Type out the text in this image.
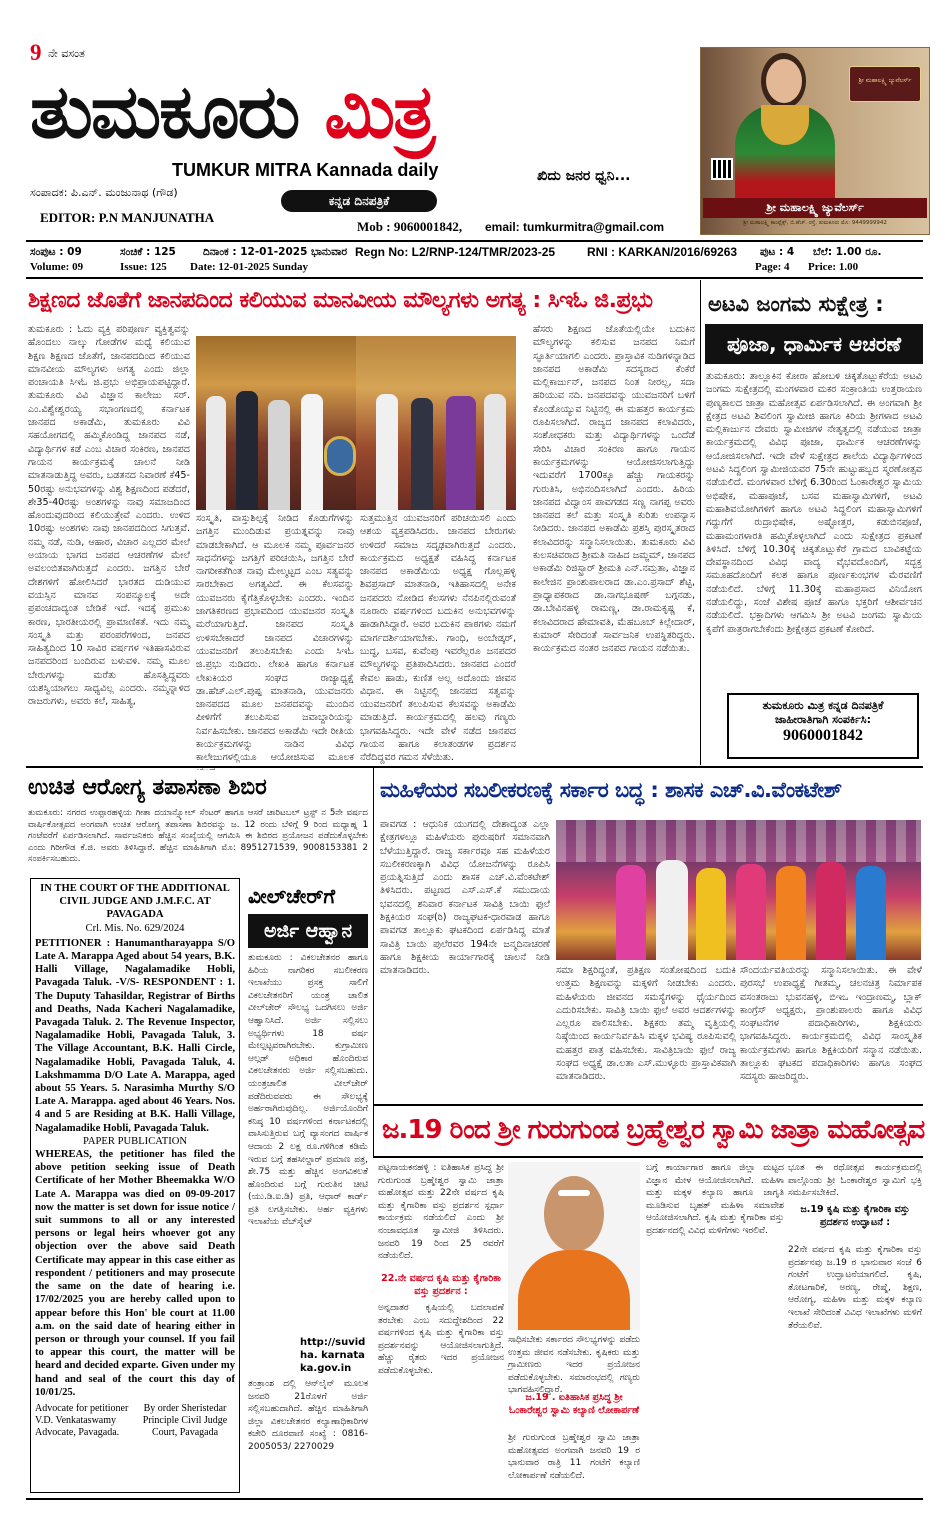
9 ನೇ ವಸಂತ
ತುಮಕೂರು ಮಿತ್ರ
TUMKUR MITRA Kannada daily	ಖಿದು ಜನರ ಧ್ವನಿ...
ಸಂಪಾದಕ: ಪಿ.ಎನ್. ಮಂಜುನಾಥ (ಗೌಡ)
ಕನ್ನಡ ದಿನಪತ್ರಿಕೆ
EDITOR: P.N MANJUNATHA
Mob : 9060001842, email: tumkurmitra@gmail.com
ಶ್ರೀ ಮಹಾಲಕ್ಷ್ಮಿ ಜ್ಯುವೆಲರ್ಸ್
ಶ್ರೀ ಮಹಾಲಕ್ಷ್ಮಿ ಜ್ಯುವೆಲರ್ಸ್
ಶ್ರೀ ಮಹಾಲಕ್ಷ್ಮಿ ಕಾಂಪ್ಲೆಕ್ಸ್, ಬಿ.ಹೆಚ್. ರಸ್ತೆ, ತುಮಕೂರು ಮೊ: 9449999942
ಸಂಪುಟ : 09	ಸಂಚಿಕೆ : 125	ದಿನಾಂಕ : 12-01-2025 ಭಾನುವಾರ Regn No: L2/RNP-124/TMR/2023-25	RNI : KARKAN/2016/69263 ಪುಟ : 4 ಬೆಲೆ: 1.00 ರೂ.
Volume: 09	Issue: 125 Date: 12-01-2025 Sunday	Page: 4 Price: 1.00
ಶಿಕ್ಷಣದ ಜೊತೆಗೆ ಜಾನಪದಿಂದ ಕಲಿಯುವ ಮಾನವೀಯ ಮೌಲ್ಯಗಳು ಅಗತ್ಯ : ಸಿಇಓ ಜಿ.ಪ್ರಭು
ತುಮಕೂರು : ಓದು ವ್ಯಕ್ತಿ ಪರಿಪೂರ್ಣ ವ್ಯಕ್ತಿತ್ವವನ್ನು ಹೊಂದಲು ನಾಲ್ಕು ಗೋಡೆಗಳ ಮಧ್ಯೆ ಕಲಿಯುವ ಶಿಕ್ಷಣ ಶಿಕ್ಷಣದ ಜೊತೆಗೆ, ಜಾನಪದದಿಂದ ಕಲಿಯುವ ಮಾನವೀಯ ಮೌಲ್ಯಗಳು ಅಗತ್ಯ ಎಂದು ಜಿಲ್ಲಾ ಪಂಚಾಯತಿ ಸಿಇಓ ಜಿ.ಪ್ರಭು ಅಭಿಪ್ರಾಯಪಟ್ಟಿದ್ದಾರೆ. ತುಮಕೂರು ವಿವಿ ವಿಜ್ಞಾನ ಕಾಲೇಜು ಸರ್. ಎಂ.ವಿಶ್ವೇಶ್ವರಯ್ಯ ಸಭಾಂಗಣದಲ್ಲಿ ಕರ್ನಾಟಕ ಜಾನಪದ ಅಕಾಡೆಮಿ, ತುಮಕೂರು ವಿವಿ ಸಹಯೋಗದಲ್ಲಿ ಹಮ್ಮಿಕೊಂಡಿದ್ದ ಜಾನಪದ ನಡೆ, ವಿದ್ಯಾರ್ಥಿಗಳ ಕಡೆ ಎಂಬ ವಿಚಾರ ಸಂಕಿರಣ, ಜಾನಪದ ಗಾಯನ ಕಾರ್ಯಕ್ರಮಕ್ಕೆ ಚಾಲನೆ ನೀಡಿ ಮಾತನಾಡುತ್ತಿದ್ದ ಅವರು, ಬಡತನದ ನಿವಾರಣೆ ಕೆ45-50ರಷ್ಟು ಅನುಭವಗಳನ್ನು ವಿಶ್ವ ಶಿಕ್ಷಣದಿಂದ ಪಡೆದರೆ, ಶೇ35-40ರಷ್ಟು ಅಂಶಗಳನ್ನು ನಾವು ಸಮಾಜದಿಂದ ಹೊಂದುವುದರಿಂದ ಕಲಿಯುತ್ತೇವೆ ಎಂದರು. ಉಳಿದ 10ರಷ್ಟು ಅಂಶಗಳು ನಾವು ಜಾನಪದದಿಂದ ಸಿಗುತ್ತವೆ. ನಮ್ಮ ನಡೆ, ನುಡಿ, ಆಹಾರ, ವಿಚಾರ ಎಲ್ಲದರ ಮೇಲೆ ಅಯಾಯ ಭಾಗದ ಜನಪದ ಆಚರಣೆಗಳ ಮೇಲೆ ಅವಲಂಬಿತವಾಗಿರುತ್ತದೆ ಎಂದರು. ಜಗತ್ತಿನ ಬೇರೆ ದೇಶಗಳಿಗೆ ಹೋಲಿಸಿದರೆ ಭಾರತದ ದುಡಿಯುವ ವಯಸ್ಸಿನ ಮಾನವ ಸಂಪನ್ಮೂಲಕ್ಕೆ ಅದೇ ಪ್ರಪಂಚದಾದ್ಯಂತ ಬೇಡಿಕೆ ಇದೆ. ಇದಕ್ಕೆ ಪ್ರಮುಖ ಕಾರಣ, ಭಾರತೀಯರಲ್ಲಿ ಪ್ರಾಮಾಣಿಕತೆ. ಇದು ನಮ್ಮ ಸಂಸ್ಕೃತಿ ಮತ್ತು ಪರಂಪರೆಗಳಿಂದ, ಜನಪದ ಸಾಹಿತ್ಯದಿಂದ 10 ಸಾವಿರ ವರ್ಷಗಳ ಇತಿಹಾಸವಿರುವ ಜನಪದರಿಂದ ಬಂದಿರುವ ಬಳುವಳಿ. ನಮ್ಮ ಮೂಲ ಬೇರುಗಳನ್ನು ಮರೆತು ಹೊಸತ್ವಿದ್ದವರು ಯಶಸ್ವಿಯಾಗಲು ಸಾಧ್ಯವಿಲ್ಲ ಎಂದರು. ನಮ್ಮನ್ನಾಳಿದ ರಾಜರುಗಳು, ಅವರು ಕಲೆ, ಸಾಹಿತ್ಯ,
ಸಂಸ್ಕೃತಿ, ವಾಸ್ತುಶಿಲ್ಪಕ್ಕೆ ನೀಡಿದ ಕೊಡುಗೆಗಳನ್ನು ಜಗತ್ತಿನ ಮುಂದಿಡುವ ಪ್ರಯತ್ನವನ್ನು ನಾವು ಮಾಡಬೇಕಾಗಿದೆ. ಆ ಮೂಲಕ ನಮ್ಮ ಪೂರ್ವಜನರ ಸಾಧನೆಗಳನ್ನು ಜಗತ್ತಿಗೆ ಪರಿಚಯಿಸಿ, ಜಗತ್ತಿನ ಬೇರೆ ನಾಗರೀಕತೆಗಿಂತ ನಾವು ಮೇಲ್ಮಟ್ಟದ ಎಂಬ ಸತ್ಯವನ್ನು ಸಾರಬೇಕಾದ ಅಗತ್ಯವಿದೆ. ಈ ಕೆಲಸವನ್ನು ಯುವಜನರು ಕೈಗೆತ್ತಿಕೊಳ್ಳಬೇಕು ಎಂದರು. ಇಂದಿನ ಜಾಗತಿಕರಣದ ಪ್ರಭಾವದಿಂದ ಯುವಜನರ ಸಂಸ್ಕೃತಿ ಮರೆಯಾಗುತ್ತಿದೆ. ಜಾನಪದ ಸಂಸ್ಕೃತಿ ಉಳಿಸಬೇಕಾದರೆ ಜಾನಪದ ವಿಚಾರಗಳನ್ನು ಯುವಜನರಿಗೆ ತಲುಪಿಸಬೇಕು ಎಂದು ಸಿಇಓ ಜಿ.ಪ್ರಭು ನುಡಿದರು. ಲೇಖಕಿ ಹಾಗೂ ಕರ್ನಾಟಕ ಲೇಖಕಿಯರ ಸಂಘದ ರಾಜ್ಯಾಧ್ಯಕ್ಷೆ ಡಾ.ಹೆಚ್.ಎಲ್.ಪುಷ್ಪ ಮಾತನಾಡಿ, ಯುವಜನರು ಜಾನಪದದ ಮೂಲ ಜನಪದವನ್ನು ಮುಂದಿನ ಪೀಳಿಗೆಗೆ ತಲುಪಿಸುವ ಜವಾಬ್ದಾರಿಯನ್ನು ನಿರ್ವಹಿಸಬೇಕು. ಜಾನಪದ ಅಕಾಡೆಮಿ ಇದೇ ರೀತಿಯ ಕಾರ್ಯಕ್ರಮಗಳನ್ನು ನಾಡಿನ ವಿವಿಧ ಕಾಲೇಜುಗಳಲ್ಲಿಯೂ ಆಯೋಜಿಸುವ ಮೂಲಕ
ಸುತ್ತಮುತ್ತಿನ ಯುವಜನರಿಗೆ ಪರಿಚಯಿಸಲಿ ಎಂದು ಆಶಯ ವ್ಯಕ್ತಪಡಿಸಿದರು. ಜಾನಪದ ಬೇರುಗಳು ಉಳಿದರೆ ಸಮಾಜ ಸದೃಢವಾಗಿರುತ್ತದೆ ಎಂದರು. ಕಾರ್ಯಕ್ರಮದ ಅಧ್ಯಕ್ಷತೆ ವಹಿಸಿದ್ದ ಕರ್ನಾಟಕ ಜಾನಪದ ಅಕಾಡೆಮಿಯ ಅಧ್ಯಕ್ಷ ಗೊಲ್ಲಹಳ್ಳಿ ಶಿವಪ್ರಸಾದ್ ಮಾತನಾಡಿ, ಇತಿಹಾಸದಲ್ಲಿ ಅನೇಕ ಜನಪದರು ನೋಡಿದ ಕೆಲಸಗಳು ನೆನಪಿನಲ್ಲಿರುವಂತೆ ನೂರಾರು ವರ್ಷಗಳಿಂದ ಬದುಕಿನ ಅನುಭವಗಳನ್ನು ಹಾಡಾಗಿಸಿದ್ದಾರೆ. ಅವರ ಬದುಕಿನ ಪಾಠಗಳು ನಮಗೆ ಮಾರ್ಗದರ್ಶಿಯಾಗಬೇಕು. ಗಾಂಧಿ, ಅಂಬೇಡ್ಕರ್, ಬುದ್ಧ, ಬಸವ, ಕುವೆಂಪು ಇವರೆಲ್ಲರೂ ಜನಪದರ ಮೌಲ್ಯಗಳನ್ನು ಪ್ರತಿಪಾದಿಸಿದರು. ಜಾನಪದ ಎಂದರೆ ಕೇವಲ ಹಾಡು, ಕುಣಿತ ಅಲ್ಲ ಅದೊಂದು ಜೀವನ ವಿಧಾನ. ಈ ನಿಟ್ಟಿನಲ್ಲಿ ಜಾನಪದ ಸತ್ವವನ್ನು ಯುವಜನರಿಗೆ ತಲುಪಿಸುವ ಕೆಲಸವನ್ನು ಅಕಾಡೆಮಿ ಮಾಡುತ್ತಿದೆ. ಕಾರ್ಯಕ್ರಮದಲ್ಲಿ ಹಲವು ಗಣ್ಯರು ಭಾಗವಹಿಸಿದ್ದರು. ಇದೇ ವೇಳೆ ನಡೆದ ಜಾನಪದ ಗಾಯನ ಹಾಗೂ ಕಲಾತಂಡಗಳ ಪ್ರದರ್ಶನ ನೆರೆದಿದ್ದವರ ಗಮನ ಸೆಳೆಯಿತು.
ಹೆಸರು ಶಿಕ್ಷಣದ ಜೊತೆಯಲ್ಲಿಯೇ ಬದುಕಿನ ಮೌಲ್ಯಗಳನ್ನು ಕಲಿಸುವ ಜನಪದ ನಿಮಗೆ ಸ್ಫೂರ್ತಿಯಾಗಲಿ ಎಂದರು. ಪ್ರಾಸ್ತಾವಿಕ ನುಡಿಗಳನ್ನಾಡಿದ ಜಾನಪದ ಅಕಾಡೆಮಿ ಸದಸ್ಯರಾದ ಕೆಂಕೆರೆ ಮಲ್ಲಿಕಾರ್ಜುನ್, ಜನಪದ ನಿಂತ ನೀರಲ್ಲ, ಸದಾ ಹರಿಯುವ ನದಿ. ಜನಪದವನ್ನು ಯುವಜನರಿಗೆ ಬಳಿಗೆ ಕೊಂಡೊಯ್ಯುವ ನಿಟ್ಟಿನಲ್ಲಿ ಈ ಮಹತ್ತರ ಕಾರ್ಯಕ್ರಮ ರೂಪಿಸಲಾಗಿದೆ. ರಾಜ್ಯದ ಜಾನಪದ ಕಲಾವಿದರು, ಸಂಶೋಧಕರು ಮತ್ತು ವಿದ್ಯಾರ್ಥಿಗಳನ್ನು ಒಂದೆಡೆ ಸೇರಿಸಿ ವಿಚಾರ ಸಂಕಿರಣ ಹಾಗೂ ಗಾಯನ ಕಾರ್ಯಕ್ರಮಗಳನ್ನು ಆಯೋಜಿಸಲಾಗುತ್ತಿದ್ದು ಇದುವರೆಗೆ 1700ಕ್ಕೂ ಹೆಚ್ಚು ಗಾಯಕರನ್ನು ಗುರುತಿಸಿ, ಅಭಿನಂದಿಸಲಾಗಿದೆ ಎಂದರು. ಹಿರಿಯ ಜಾನಪದ ವಿದ್ವಾಂಸ ಪಾವಗಡದ ಸಣ್ಣ ನಾಗಪ್ಪ ಅವರು ಜಾನಪದ ಕಲೆ ಮತ್ತು ಸಂಸ್ಕೃತಿ ಕುರಿತು ಉಪನ್ಯಾಸ ನೀಡಿದರು. ಜಾನಪದ ಅಕಾಡೆಮಿ ಪ್ರಶಸ್ತಿ ಪುರಸ್ಕೃತರಾದ ಕಲಾವಿದರನ್ನು ಸನ್ಮಾನಿಸಲಾಯಿತು. ತುಮಕೂರು ವಿವಿ ಕುಲಸಚಿವರಾದ ಶ್ರೀಮತಿ ನಾಹಿದ ಜಮ್ಜಮ್, ಜಾನಪದ ಅಕಾಡೆಮಿ ರಿಜಿಸ್ಟ್ರಾರ್ ಶ್ರೀಮತಿ ಎನ್.ನಮ್ರತಾ, ವಿಜ್ಞಾನ ಕಾಲೇಜಿನ ಪ್ರಾಂಶುಪಾಲರಾದ ಡಾ.ಎಂ.ಪ್ರಸಾದ್ ಶೆಟ್ಟಿ, ಪ್ರಾಧ್ಯಾಪಕರಾದ ಡಾ.ನಾಗಭೂಷಣ್ ಬಗ್ಗನಡು, ಡಾ.ಬೇವಿನಹಳ್ಳಿ ರಾಮಣ್ಣ, ಡಾ.ರಾಮಕೃಷ್ಣ ಕೆ, ಕಲಾವಿದರಾದ ಹೇಮಾವತಿ, ಮೆಹಬೂಬ್ ಕಿಲ್ಲೇದಾರ್, ಕುಮಾರ್ ಸೇರಿದಂತೆ ಸಾರ್ವಜನಿಕ ಉಪಸ್ಥಿತರಿದ್ದರು. ಕಾರ್ಯಕ್ರಮದ ನಂತರ ಜನಪದ ಗಾಯನ ನಡೆಯಿತು.
ಅಟವಿ ಜಂಗಮ ಸುಕ್ಷೇತ್ರ :
ಪೂಜಾ, ಧಾರ್ಮಿಕ ಆಚರಣೆ
ತುಮಕೂರು: ತಾಲ್ಲೂಕಿನ ಕೋರಾ ಹೋಬಳಿ ಚಿಕ್ಕತೊಟ್ಲುಕೆರೆಯ ಅಟವಿ ಜಂಗಮ ಸುಕ್ಷೇತ್ರದಲ್ಲಿ ಮಂಗಳವಾರ ಮಕರ ಸಂಕ್ರಾಂತಿಯ ಉತ್ತರಾಯಣ ಪುಣ್ಯಕಾಲದ ಜಾತ್ರಾ ಮಹೋತ್ಸವ ಏರ್ಪಡಿಸಲಾಗಿದೆ. ಈ ಅಂಗವಾಗಿ ಶ್ರೀ ಕ್ಷೇತ್ರದ ಅಟವಿ ಶಿವಲಿಂಗ ಸ್ವಾಮೀಜಿ ಹಾಗೂ ಕಿರಿಯ ಶ್ರೀಗಳಾದ ಅಟವಿ ಮಲ್ಲಿಕಾರ್ಜುನ ದೇವರು ಸ್ವಾಮೀಜಿಗಳ ನೇತೃತ್ವದಲ್ಲಿ ನಡೆಯುವ ಜಾತ್ರಾ ಕಾರ್ಯಕ್ರಮದಲ್ಲಿ ವಿವಿಧ ಪೂಜಾ, ಧಾರ್ಮಿಕ ಆಚರಣೆಗಳನ್ನು ಆಯೋಜಿಸಲಾಗಿದೆ. ಇದೇ ವೇಳೆ ಸುಕ್ಷೇತ್ರದ ಶಾಲೆಯ ವಿದ್ಯಾರ್ಥಿಗಳಿಂದ ಅಟವಿ ಸಿದ್ದಲಿಂಗ ಸ್ವಾಮೀಜಿಯವರ 75ನೇ ಹುಟ್ಟುಹಬ್ಬದ ಸ್ಮರಣೋತ್ಸವ ನಡೆಯಲಿದೆ. ಮಂಗಳವಾರ ಬೆಳಿಗ್ಗೆ 6.30ರಿಂದ ಓಂಕಾರೇಶ್ವರ ಸ್ವಾಮಿಯ ಅಭಿಷೇಕ, ಮಹಾಪೂಜೆ, ಬಸವ ಮಹಾಸ್ವಾಮಿಗಳಿಗೆ, ಅಟವಿ ಮಹಾಶಿವಯೋಗಿಗಳಿಗೆ ಹಾಗೂ ಅಟವಿ ಸಿದ್ದಲಿಂಗ ಮಹಾಸ್ವಾಮಿಗಳಿಗೆ ಗದ್ದುಗೆಗೆ ರುದ್ರಾಭಿಷೇಕ, ಅಷ್ಟೋತ್ತರ, ಕಡುಬಿನಪೂಜೆ, ಮಹಾಮಂಗಳಾರತಿ ಹಮ್ಮಿಕೊಳ್ಳಲಾಗಿದೆ ಎಂದು ಸುಕ್ಷೇತ್ರದ ಪ್ರಕಟಣೆ ತಿಳಿಸಿದೆ. ಬೆಳಿಗ್ಗೆ 10.30ಕ್ಕೆ ಚಿಕ್ಕತೊಟ್ಲುಕೆರೆ ಗ್ರಾಮದ ಬಾವಿಕಟ್ಟೆಯ ದೇವಸ್ಥಾನದಿಂದ ವಿವಿಧ ವಾದ್ಯ ವೈಭವದೊಂದಿಗೆ, ಸದ್ಭಕ್ತ ಸಮೂಹದೊಂದಿಗೆ ಕಲಶ ಹಾಗೂ ಪೂರ್ಣಕುಂಭಗಳ ಮೆರವಣಿಗೆ ನಡೆಯಲಿದೆ. ಬೆಳಿಗ್ಗೆ 11.30ಕ್ಕೆ ಮಹಾಪ್ರಸಾದ ವಿನಿಯೋಗ ನಡೆಯಲಿದ್ದು, ಸಂಜೆ ವಿಶೇಷ ಪೂಜೆ ಹಾಗೂ ಭಕ್ತರಿಗೆ ಆಶೀರ್ವಚನ ನಡೆಯಲಿದೆ. ಭಕ್ತಾದಿಗಳು ಆಗಮಿಸಿ ಶ್ರೀ ಅಟವಿ ಜಂಗಮ ಸ್ವಾಮಿಯ ಕೃಪೆಗೆ ಪಾತ್ರರಾಗಬೇಕೆಂದು ಶ್ರೀಕ್ಷೇತ್ರದ ಪ್ರಕಟಣೆ ಕೋರಿದೆ.
ತುಮಕೂರು ಮಿತ್ರ ಕನ್ನಡ ದಿನಪತ್ರಿಕೆ
ಜಾಹೀರಾತಿಗಾಗಿ ಸಂಪರ್ಕಿಸಿ:
9060001842
ಉಚಿತ ಆರೋಗ್ಯ ತಪಾಸಣಾ ಶಿಬಿರ
ತುಮಕೂರು: ನಗರದ ಉಪ್ಪಾರಹಳ್ಳಿಯ ಗೀತಾ ದಯಾನ್ಸ್ಕೋಲ್ ಸೆಂಟರ್ ಹಾಗೂ ಆಸರೆ ಚಾರಿಟಬಲ್ ಟ್ರಸ್ಟ್ ನ 5ನೇ ವರ್ಷದ ವಾರ್ಷಿಕೋತ್ಸವದ ಅಂಗವಾಗಿ ಉಚಿತ ಆರೋಗ್ಯ ತಪಾಸಣಾ ಶಿಬಿರವನ್ನು ಜ. 12 ರಂದು ಬೆಳಿಗ್ಗೆ 9 ರಿಂದ ಮಧ್ಯಾಹ್ನ 1 ಗಂಟೆವರೆಗೆ ಏರ್ಪಡಿಸಲಾಗಿದೆ. ಸಾರ್ವಜನಿಕರು ಹೆಚ್ಚಿನ ಸಂಖ್ಯೆಯಲ್ಲಿ ಆಗಮಿಸಿ ಈ ಶಿಬಿರದ ಪ್ರಯೋಜನ ಪಡೆದುಕೊಳ್ಳಬೇಕು ಎಂದು ಗಿರೀಗೌಡ ಕೆ.ಜಿ. ಅವರು ತಿಳಿಸಿದ್ದಾರೆ. ಹೆಚ್ಚಿನ ಮಾಹಿತಿಗಾಗಿ ಮೊ: 8951271539, 9008153381 2 ಸಂಪರ್ಕಿಸಬಹುದು.
ಮಹಿಳೆಯರ ಸಬಲೀಕರಣಕ್ಕೆ ಸರ್ಕಾರ ಬದ್ಧ : ಶಾಸಕ ಎಚ್.ವಿ.ವೆಂಕಟೇಶ್
ಪಾವಗಡ : ಆಧುನಿಕ ಯುಗದಲ್ಲಿ ದೇಶಾದ್ಯಂತ ಎಲ್ಲಾ ಕ್ಷೇತ್ರಗಳಲ್ಲೂ ಮಹಿಳೆಯರು ಪುರುಷರಿಗೆ ಸಮಾನವಾಗಿ ಬೆಳೆಯುತ್ತಿದ್ದಾರೆ. ರಾಜ್ಯ ಸರ್ಕಾರವೂ ಸಹ ಮಹಿಳೆಯರ ಸಬಲೀಕರಣಕ್ಕಾಗಿ ವಿವಿಧ ಯೋಜನೆಗಳನ್ನು ರೂಪಿಸಿ ಪ್ರಯತ್ನಿಸುತ್ತಿದೆ ಎಂದು ಶಾಸಕ ಎಚ್.ವಿ.ವೆಂಕಟೇಶ್ ತಿಳಿಸಿದರು. ಪಟ್ಟಣದ ಎಸ್.ಎಸ್.ಕೆ ಸಮುದಾಯ ಭವನದಲ್ಲಿ ಶನಿವಾರ ಕರ್ನಾಟಕ ಸಾವಿತ್ರಿ ಬಾಯಿ ಫುಲೆ ಶಿಕ್ಷಕಿಯರ ಸಂಘ(ರಿ) ರಾಜ್ಯಘಟಕ-ಧಾರವಾಡ ಹಾಗೂ ಪಾವಗಡ ತಾಲ್ಲೂಕು ಘಟಕದಿಂದ ಏರ್ಪಡಿಸಿದ್ದ ಮಾತೆ ಸಾವಿತ್ರಿ ಬಾಯಿ ಪುಲೆರವರ 194ನೇ ಜನ್ಮದಿನಾಚರಣೆ ಹಾಗೂ ಶಿಕ್ಷಕೀಯ ಕಾರ್ಯಾಗಾರಕ್ಕೆ ಚಾಲನೆ ನೀಡಿ ಮಾತನಾಡಿದರು.	ಸಮಾ ಶಿಕ್ಷರಿದ್ದಂತೆ, ಪ್ರತಿಕ್ಷಣ ಸಂತೋಷದಿಂದ ಬದುಕಿ ಉತ್ತಮ ಶಿಕ್ಷಣವನ್ನು ಮಕ್ಕಳಿಗೆ ನೀಡಬೇಕು ಎಂದರು. ಮಹಿಳೆಯರು ಜೀವನದ ಸಮಸ್ಯೆಗಳನ್ನು ಧೈರ್ಯದಿಂದ ಎದುರಿಸಬೇಕು. ಸಾವಿತ್ರಿ ಬಾಯಿ ಫುಲೆ ಅವರ ಆದರ್ಶಗಳನ್ನು ಎಲ್ಲರೂ ಪಾಲಿಸಬೇಕು. ಶಿಕ್ಷಕರು ತಮ್ಮ ವೃತ್ತಿಯಲ್ಲಿ ನಿಷ್ಠೆಯಿಂದ ಕಾರ್ಯನಿರ್ವಹಿಸಿ ಮಕ್ಕಳ ಭವಿಷ್ಯ ರೂಪಿಸುವಲ್ಲಿ ಮಹತ್ತರ ಪಾತ್ರ ವಹಿಸಬೇಕು. ಸಾವಿತ್ರಿಬಾಯಿ ಫುಲೆ ರಾಜ್ಯ ಸಂಘದ ಅಧ್ಯಕ್ಷೆ ಡಾ.ಲತಾ ಎಸ್.ಮುಳ್ಳೂರು ಪ್ರಾಸ್ತಾವಿಕವಾಗಿ ಮಾತನಾಡಿದರು.
ಸೌಂದರ್ಯವತಿಯರನ್ನು ಸನ್ಮಾನಿಸಲಾಯಿತು. ಈ ವೇಳೆ ಪುರಸಭೆ ಉಪಾಧ್ಯಕ್ಷೆ ಗೀತಮ್ಮ, ಚಲನಚಿತ್ರ ನಿರ್ಮಾಪಕ ವಸಂತರಾಜು ಭುವನಹಳ್ಳಿ, ಬಿಇಒ ಇಂದ್ರಾಣಮ್ಮ, ಬ್ಲಾಕ್ ಕಾಂಗ್ರೆಸ್ ಅಧ್ಯಕ್ಷರು, ಪ್ರಾಂಶುಪಾಲರು ಹಾಗೂ ವಿವಿಧ ಸಂಘಟನೆಗಳ ಪದಾಧಿಕಾರಿಗಳು, ಶಿಕ್ಷಕಿಯರು ಭಾಗವಹಿಸಿದ್ದರು. ಕಾರ್ಯಕ್ರಮದಲ್ಲಿ ವಿವಿಧ ಸಾಂಸ್ಕೃತಿಕ ಕಾರ್ಯಕ್ರಮಗಳು ಹಾಗೂ ಶಿಕ್ಷಕಿಯರಿಗೆ ಸನ್ಮಾನ ನಡೆಯಿತು. ತಾಲ್ಲೂಕು ಘಟಕದ ಪದಾಧಿಕಾರಿಗಳು ಹಾಗೂ ಸಂಘದ ಸದಸ್ಯರು ಹಾಜರಿದ್ದರು.
IN THE COURT OF THE ADDITIONAL CIVIL JUDGE AND J.M.F.C. AT PAVAGADA
Crl. Mis. No. 629/2024
PETITIONER : Hanumantharayappa S/O Late A. Marappa Aged about 54 years, B.K. Halli Village, Nagalamadike Hobli, Pavagada Taluk. -V/S- RESPONDENT : 1. The Duputy Tahasildar, Registrar of Births and Deaths, Nada Kacheri Nagalamadike, Pavagada Taluk. 2. The Revenue Inspector, Nagalamadike Hobli, Pavagada Taluk, 3. The Village Accountant, B.K. Halli Circle, Nagalamadike Hobli, Pavagada Taluk, 4. Lakshmamma D/O Late A. Marappa, aged about 55 Years. 5. Narasimha Murthy S/O Late A. Marappa. aged about 46 Years. Nos. 4 and 5 are Residing at B.K. Halli Village, Nagalamadike Hobli, Pavagada Taluk.
PAPER PUBLICATION
WHEREAS, the petitioner has filed the above petition seeking issue of Death Certificate of her Mother Bheemakka W/O Late A. Marappa was died on 09-09-2017 now the matter is set down for issue notice / suit summons to all or any interested persons or legal heirs whoever got any objection over the above said Death Certificate may appear in this case either as respondent / petitioners and may prosecute the same on the date of hearing i.e. 17/02/2025 you are hereby called upon to appear before this Hon' ble court at 11.00 a.m. on the said date of hearing either in person or through your counsel. If you fail to appear this court, the matter will be heard and decided exparte. Given under my hand and seal of the court this day of 10/01/25.
Advocate for petitioner V.D. Venkataswamy Advocate, Pavagada.
By order Sheristedar Principle Civil Judge Court, Pavagada
ವೀಲ್‌ಚೇರ್‌ಗೆ
ಅರ್ಜಿ ಆಹ್ವಾನ
ತುಮಕೂರು : ವಿಕಲಚೇತನರ ಹಾಗೂ ಹಿರಿಯ ನಾಗರಿಕರ ಸಬಲೀಕರಣ ಇಲಾಖೆಯು ಪ್ರಸಕ್ತ ಸಾಲಿಗೆ ವಿಕಲಚೇತನರಿಗೆ ಯಂತ್ರ ಚಾಲಿತ ವೀಲ್‌ಚೇರ್ ಸೌಲಭ್ಯ ಒದಗಿಸಲು ಅರ್ಜಿ ಆಹ್ವಾನಿಸಿದೆ. ಅರ್ಜಿ ಸಲ್ಲಿಸಲು ಅಭ್ಯರ್ಥಿಗಳು 18 ವರ್ಷ ಮೇಲ್ಪಟ್ಟವರಾಗಿರಬೇಕು. ಕುಗ್ರಾಮೀಣ ಆಲ್ಗಡ್ ಅಧಿಕಾರ ಹೊಂದಿರುವ ವಿಕಲಚೇತನರು ಅರ್ಜಿ ಸಲ್ಲಿಸಬಹುದು. ಯಂತ್ರಚಾಲಿತ ವೀಲ್‌ಚೇರ್ ಪಡೆದಿರುವವರು ಈ ಸೌಲಭ್ಯಕ್ಕೆ ಅರ್ಹರಾಗಿರುವುದಿಲ್ಲ. ಅರ್ಜಿಯೊಂದಿಗೆ ಕನಿಷ್ಠ 10 ವರ್ಷಗಳಿಂದ ಕರ್ನಾಟಕದಲ್ಲಿ ವಾಸಿಸುತ್ತಿರುವ ಬಗ್ಗೆ ವ್ಯಾಸಂಗದ ವಾರ್ಷಿಕ ಆದಾಯ 2 ಲಕ್ಷ ರೂ.ಗಳಿಗಿಂತ ಕಡಿಮೆ ಇರುವ ಬಗ್ಗೆ ತಹಸೀಲ್ದಾರ್ ಪ್ರಮಾಣ ಪತ್ರ, ಶೇ.75 ಮತ್ತು ಹೆಚ್ಚಿನ ಅಂಗವಿಕಲತೆ ಹೊಂದಿರುವ ಬಗ್ಗೆ ಗುರುತಿನ ಚೀಟಿ (ಯು.ಡಿ.ಐ.ಡಿ) ಪ್ರತಿ, ಆಧಾರ್ ಕಾರ್ಡ್ ಪ್ರತಿ ಲಗತ್ತಿಸಬೇಕು. ಅರ್ಹ ವ್ಯಕ್ತಿಗಳು ಇಲಾಖೆಯ ವೆಬ್‌ಸೈಟ್
http://suvidha. karnataka.gov.in
ತಂತ್ರಾಂಶ ದಲ್ಲಿ ಆನ್‌ಲೈನ್ ಮೂಲಕ ಜನವರಿ 21ರೊಳಗೆ ಅರ್ಜಿ ಸಲ್ಲಿಸಬಹುದಾಗಿದೆ. ಹೆಚ್ಚಿನ ಮಾಹಿತಿಗಾಗಿ ಜಿಲ್ಲಾ ವಿಕಲಚೇತನರ ಕಲ್ಯಾಣಾಧಿಕಾರಿಗಳ ಕಚೇರಿ ದೂರವಾಣಿ ಸಂಖ್ಯೆ : 0816-2005053/ 2270029
ಜ.19 ರಿಂದ ಶ್ರೀ ಗುರುಗುಂಡ ಬ್ರಹ್ಮೇಶ್ವರ ಸ್ವಾಮಿ ಜಾತ್ರಾ ಮಹೋತ್ಸವ
ಪಟ್ಟನಾಯಕನಹಳ್ಳಿ : ಐತಿಹಾಸಿಕ ಪ್ರಸಿದ್ಧ ಶ್ರೀ ಗುರುಗುಂಡ ಬ್ರಹ್ಮೇಶ್ವರ ಸ್ವಾಮಿ ಜಾತ್ರಾ ಮಹೋತ್ಸವ ಮತ್ತು 22ನೇ ವರ್ಷದ ಕೃಷಿ ಮತ್ತು ಕೈಗಾರಿಕಾ ವಸ್ತು ಪ್ರದರ್ಶನ ಸ್ಪರ್ಧಾ ಕಾರ್ಯಕ್ರಮ ನಡೆಯಲಿದೆ ಎಂದು ಶ್ರೀ ನಂಜಾವಧೂತ ಸ್ವಾಮೀಜಿ ತಿಳಿಸಿದರು. ಜನವರಿ 19 ರಿಂದ 25 ರವರೆಗೆ ನಡೆಯಲಿದೆ.
22.ನೇ ವರ್ಷದ ಕೃಷಿ ಮತ್ತು ಕೈಗಾರಿಕಾ ವಸ್ತು ಪ್ರದರ್ಶನ :
ಅನ್ನದಾತರ ಕೃಷಿಯಲ್ಲಿ ಬದಲಾವಣೆ ತರಬೇಕು ಎಂಬ ಸದುದ್ದೇಶದಿಂದ 22 ವರ್ಷಗಳಿಂದ ಕೃಷಿ ಮತ್ತು ಕೈಗಾರಿಕಾ ವಸ್ತು ಪ್ರದರ್ಶನವನ್ನು ಆಯೋಜಿಸಲಾಗುತ್ತಿದೆ. ಹೆಚ್ಚು ರೈತರು ಇದರ ಪ್ರಯೋಜನ ಪಡೆದುಕೊಳ್ಳಬೇಕು.
ಸಾಧಿಸಬೇಕು ಸರ್ಕಾರದ ಸೌಲಭ್ಯಗಳನ್ನು ಪಡೆದು ಉತ್ತಮ ಜೀವನ ನಡೆಸಬೇಕು. ಕೃಷಿಕರು ಮತ್ತು ಗ್ರಾಮೀಣರು ಇದರ ಪ್ರಯೋಜನ ಪಡೆದುಕೊಳ್ಳಬೇಕು. ಸಮಾರಂಭದಲ್ಲಿ ಗಣ್ಯರು ಭಾಗವಹಿಸಲಿದ್ದಾರೆ.
ಜ.19 . ಐತಿಹಾಸಿಕ ಪ್ರಸಿದ್ಧ ಶ್ರೀ ಓಂಕಾರೇಶ್ವರ ಸ್ವಾಮಿ ಕಲ್ಯಾಣಿ ಲೋಕಾರ್ಪಣೆ
ಶ್ರೀ ಗುರುಗುಂಡ ಬ್ರಹ್ಮೇಶ್ವರ ಸ್ವಾಮಿ ಜಾತ್ರಾ ಮಹೋತ್ಸವದ ಅಂಗವಾಗಿ ಜನವರಿ 19 ರ ಭಾನುವಾರ ರಾತ್ರಿ 11 ಗಂಟೆಗೆ ಕಲ್ಯಾಣಿ ಲೋಕಾರ್ಪಣೆ ನಡೆಯಲಿದೆ.
ಬಗ್ಗೆ ಕಾರ್ಯಾಗಾರ ಹಾಗೂ ಜಿಲ್ಲಾ ಮಟ್ಟದ ವಿಜ್ಞಾನ ಮೇಳ ಆಯೋಜಿಸಲಾಗಿದೆ. ಮಹಿಳಾ ಮತ್ತು ಮಕ್ಕಳ ಕಲ್ಯಾಣ ಹಾಗೂ ಜಾಗೃತಿ ಮೂಡಿಸುವ ಬೃಹತ್ ಮಹಿಳಾ ಸಮಾವೇಶ ಆಯೋಜಿಸಲಾಗಿದೆ. ಕೃಷಿ ಮತ್ತು ಕೈಗಾರಿಕಾ ವಸ್ತು ಪ್ರದರ್ಶನದಲ್ಲಿ ವಿವಿಧ ಮಳಿಗೆಗಳು ಇರಲಿವೆ.
ಭೂತ ಈ ರಥೋತ್ಸವ ಕಾರ್ಯಕ್ರಮದಲ್ಲಿ ಪಾಲ್ಗೊಂಡು ಶ್ರೀ ಓಂಕಾರೇಶ್ವರ ಸ್ವಾಮಿಗೆ ಭಕ್ತಿ ಸಮರ್ಪಿಸಬೇಕಿದೆ.
ಜ.19 ಕೃಷಿ ಮತ್ತು ಕೈಗಾರಿಕಾ ವಸ್ತು ಪ್ರದರ್ಶನ ಉದ್ಘಾಟನೆ :
22ನೇ ವರ್ಷದ ಕೃಷಿ ಮತ್ತು ಕೈಗಾರಿಕಾ ವಸ್ತು ಪ್ರದರ್ಶನವು ಜ.19 ರ ಭಾನುವಾರ ಸಂಜೆ 6 ಗಂಟೆಗೆ ಉದ್ಘಾಟನೆಯಾಗಲಿದೆ. ಕೃಷಿ, ತೋಟಗಾರಿಕೆ, ಅರಣ್ಯ, ರೇಷ್ಮೆ, ಶಿಕ್ಷಣ, ಆರೋಗ್ಯ, ಮಹಿಳಾ ಮತ್ತು ಮಕ್ಕಳ ಕಲ್ಯಾಣ ಇಲಾಖೆ ಸೇರಿದಂತೆ ವಿವಿಧ ಇಲಾಖೆಗಳು ಮಳಿಗೆ ತೆರೆಯಲಿವೆ.
